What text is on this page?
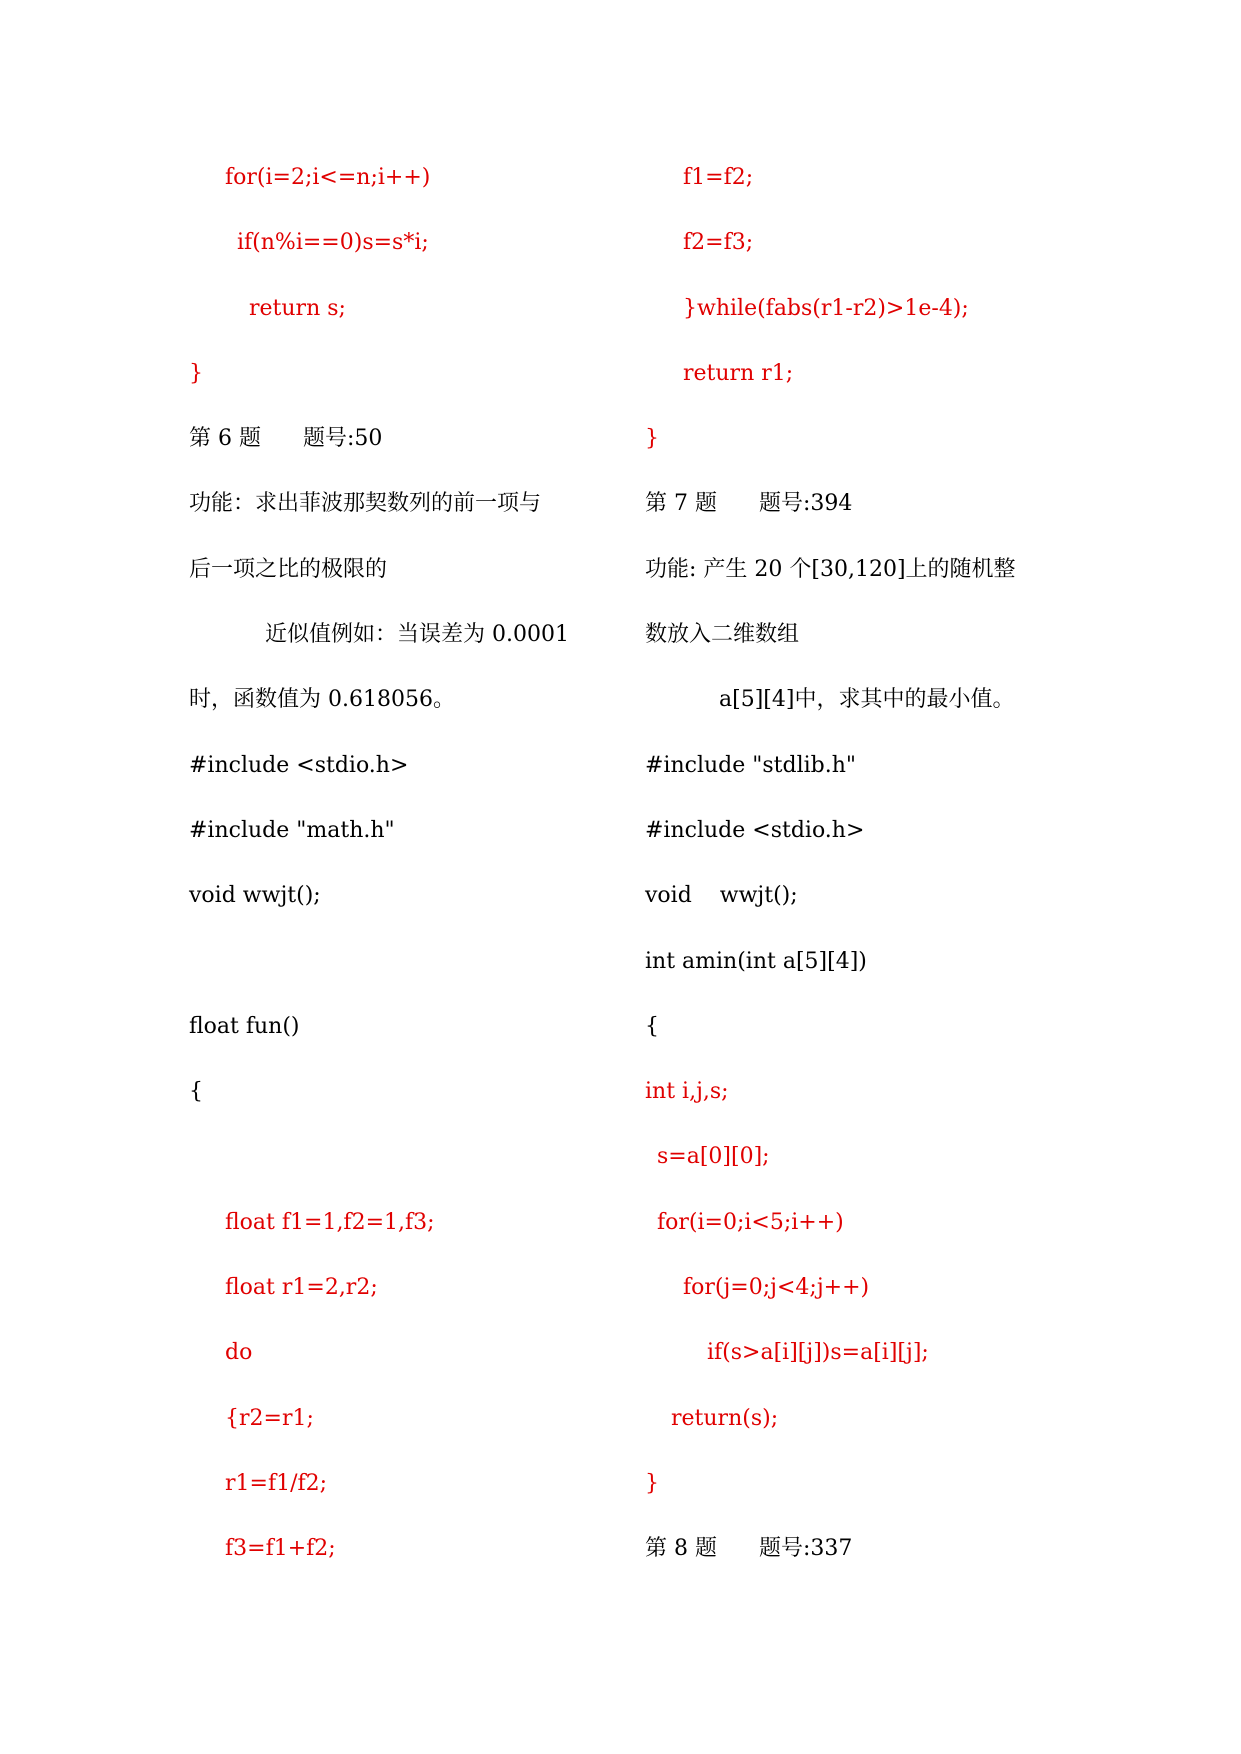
for(i=2;i<=n;i++)
if(n%i==0)s=s*i;
return s;
}
第 6 题      题号:50
功能：求出菲波那契数列的前一项与
后一项之比的极限的
近似值例如：当误差为 0.0001
时，函数值为 0.618056。
#include <stdio.h>
#include "math.h"
void wwjt();
float fun()
{
float f1=1,f2=1,f3;
float r1=2,r2;
do
{r2=r1;
r1=f1/f2;
f3=f1+f2;
f1=f2;
f2=f3;
}while(fabs(r1-r2)>1e-4);
return r1;
}
第 7 题      题号:394
功能: 产生 20 个[30,120]上的随机整
数放入二维数组
a[5][4]中，求其中的最小值。
#include "stdlib.h"
#include <stdio.h>
void    wwjt();
int amin(int a[5][4])
{
int i,j,s;
s=a[0][0];
for(i=0;i<5;i++)
for(j=0;j<4;j++)
if(s>a[i][j])s=a[i][j];
return(s);
}
第 8 题      题号:337
